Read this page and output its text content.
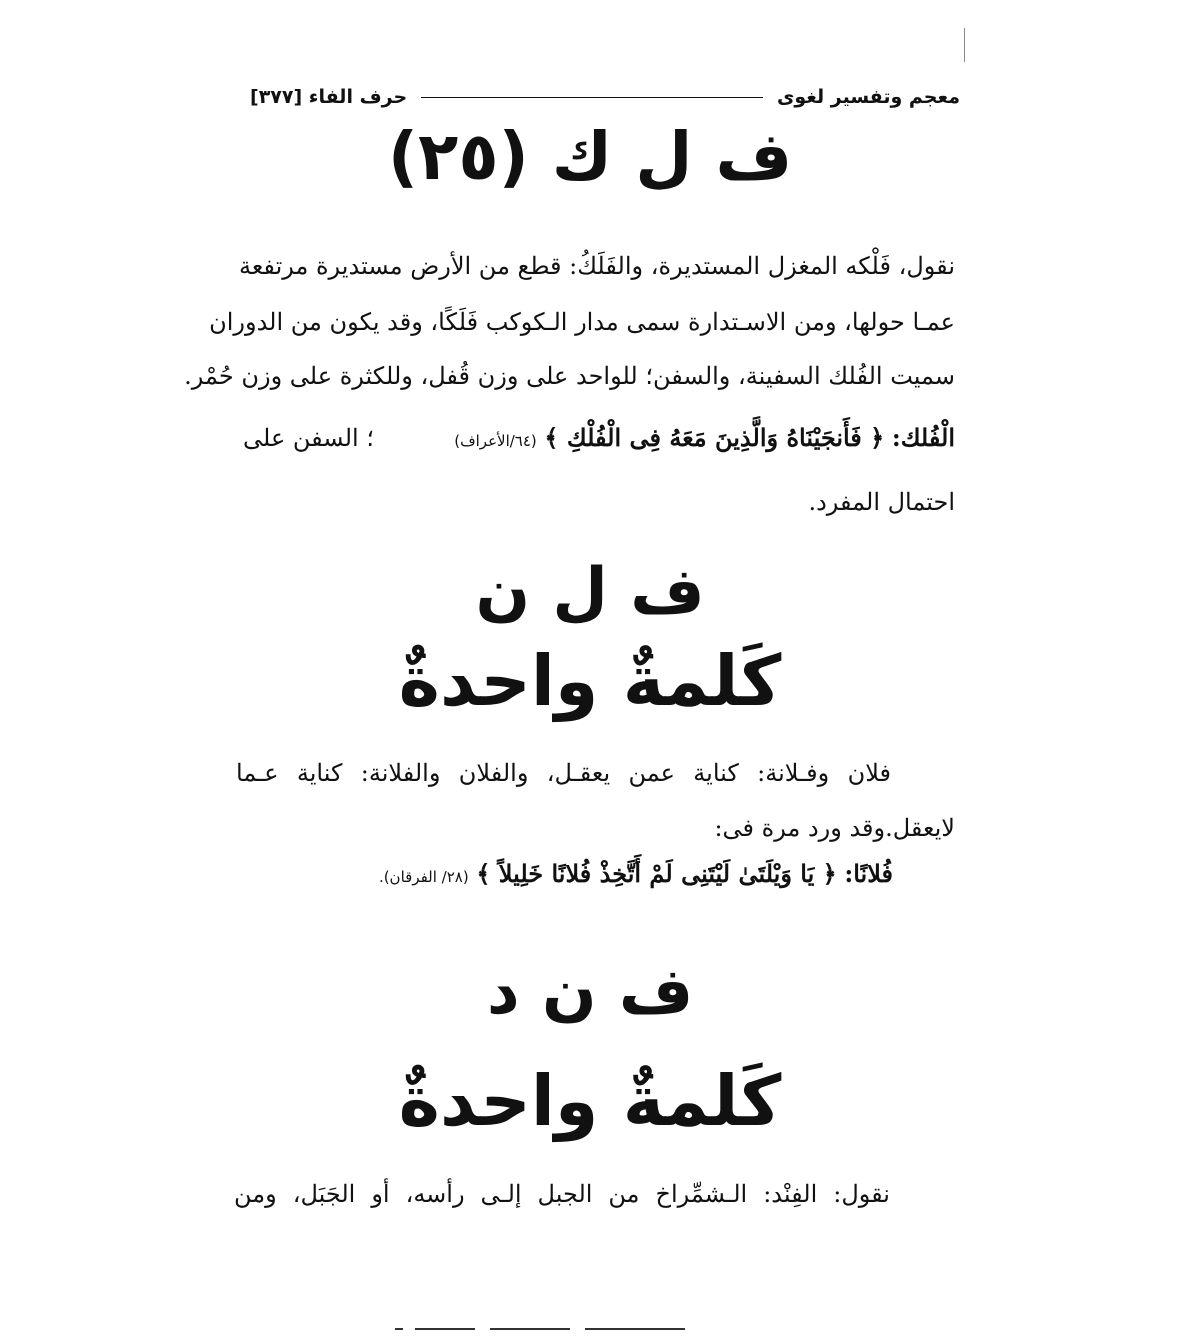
معجم وتفسير لغوى
حرف الفاء [٣٧٧]
ف ل ك (٢٥)
نقول، فَلْكه المغزل المستديرة، والفَلَكُ: قطع من الأرض مستديرة مرتفعة
عمـا حولها، ومن الاسـتدارة سمى مدار الـكوكب فَلَكًا، وقد يكون من الدوران
سميت الفُلك السفينة، والسفن؛ للواحد على وزن قُفل، وللكثرة على وزن حُمْر.
الْفُلك: ﴿ فَأَنجَيْنَاهُ وَالَّذِينَ مَعَهُ فِى الْفُلْكِ ﴾ (٦٤/الأعراف)
؛ السفن على
احتمال المفرد.
ف ل ن
كَلمةٌ واحدةٌ
فلان وفـلانة: كناية عمن يعقـل، والفلان والفلانة: كناية عـما
لايعقل.وقد ورد مرة فى:
فُلانًا: ﴿ يَا وَيْلَتَىٰ لَيْتَنِى لَمْ أَتَّخِذْ فُلانًا خَلِيلاً ﴾ (٢٨/ الفرقان).
ف ن د
كَلمةٌ واحدةٌ
نقول: الفِنْد: الـشمِّراخ من الجبل إلـى رأسه، أو الجَبَل، ومن
